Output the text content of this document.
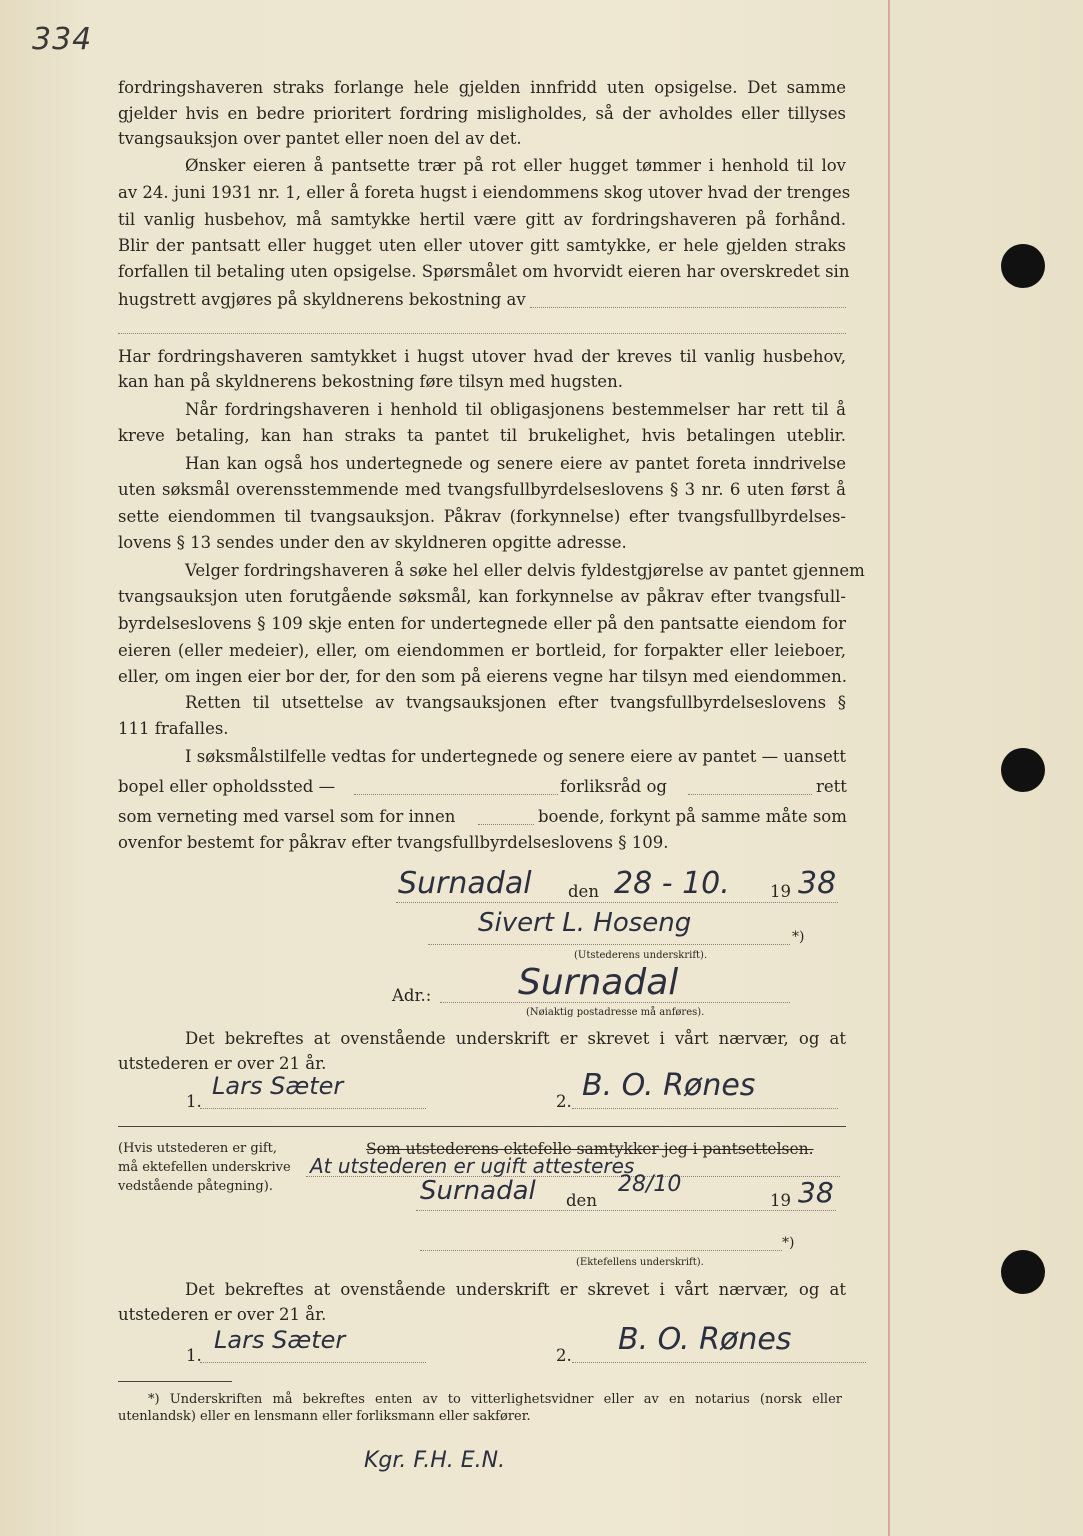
334
fordringshaveren straks forlange hele gjelden innfridd uten opsigelse. Det samme
gjelder hvis en bedre prioritert fordring misligholdes, så der avholdes eller tillyses
tvangsauksjon over pantet eller noen del av det.
Ønsker eieren å pantsette trær på rot eller hugget tømmer i henhold til lov
av 24. juni 1931 nr. 1, eller å foreta hugst i eiendommens skog utover hvad der trenges
til vanlig husbehov, må samtykke hertil være gitt av fordringshaveren på forhånd.
Blir der pantsatt eller hugget uten eller utover gitt samtykke, er hele gjelden straks
forfallen til betaling uten opsigelse. Spørsmålet om hvorvidt eieren har overskredet sin
hugstrett avgjøres på skyldnerens bekostning av
Har fordringshaveren samtykket i hugst utover hvad der kreves til vanlig husbehov,
kan han på skyldnerens bekostning føre tilsyn med hugsten.
Når fordringshaveren i henhold til obligasjonens bestemmelser har rett til å
kreve betaling, kan han straks ta pantet til brukelighet, hvis betalingen uteblir.
Han kan også hos undertegnede og senere eiere av pantet foreta inndrivelse
uten søksmål overensstemmende med tvangsfullbyrdelseslovens § 3 nr. 6 uten først å
sette eiendommen til tvangsauksjon. Påkrav (forkynnelse) efter tvangsfullbyrdelses-
lovens § 13 sendes under den av skyldneren opgitte adresse.
Velger fordringshaveren å søke hel eller delvis fyldestgjørelse av pantet gjennem
tvangsauksjon uten forutgående søksmål, kan forkynnelse av påkrav efter tvangsfull-
byrdelseslovens § 109 skje enten for undertegnede eller på den pantsatte eiendom for
eieren (eller medeier), eller, om eiendommen er bortleid, for forpakter eller leieboer,
eller, om ingen eier bor der, for den som på eierens vegne har tilsyn med eiendommen.
Retten til utsettelse av tvangsauksjonen efter tvangsfullbyrdelseslovens §
111 frafalles.
I søksmålstilfelle vedtas for undertegnede og senere eiere av pantet — uansett
bopel eller opholdssted —	forliksråd og	rett
som verneting med varsel som for innen	boende, forkynt på samme måte som
ovenfor bestemt for påkrav efter tvangsfullbyrdelseslovens § 109.
Surnadal den 28 - 10. 19 38
Sivert L. Hoseng	*)
(Utstederens underskrift).
Adr.: Surnadal
(Nøiaktig postadresse må anføres).
Det bekreftes at ovenstående underskrift er skrevet i vårt nærvær, og at
utstederen er over 21 år.
1.
Lars Sæter
2. B. O. Rønes
(Hvis utstederen er gift,
må ektefellen underskrive
vedstående påtegning).
Som utstederens ektefelle samtykker jeg i pantsettelsen.
At utstederen er ugift attesteres
Surnadal den
28/10
19 38
*)
(Ektefellens underskrift).
Det bekreftes at ovenstående underskrift er skrevet i vårt nærvær, og at
utstederen er over 21 år.
1.
Lars Sæter
2. B. O. Rønes
*) Underskriften må bekreftes enten av to vitterlighetsvidner eller av en notarius (norsk eller
utenlandsk) eller en lensmann eller forliksmann eller sakfører.
Kgr. F.H. E.N.
